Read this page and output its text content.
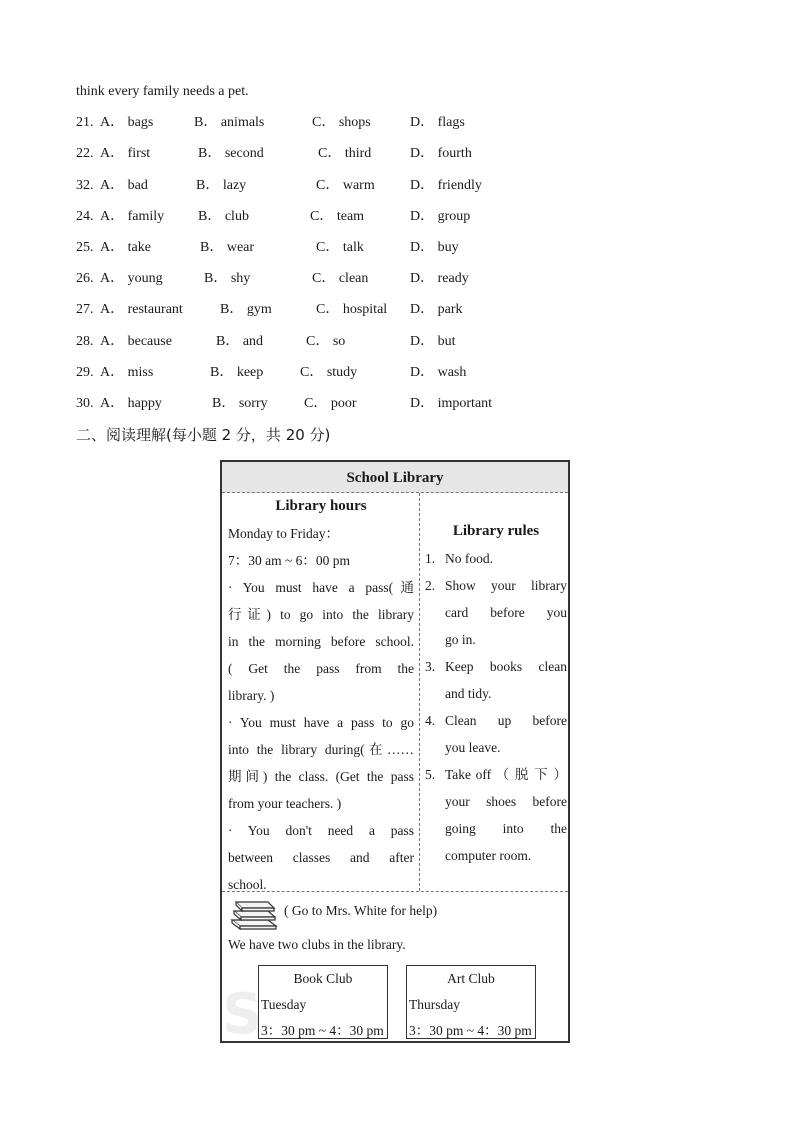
think every family needs a pet.
21. A． bags	B． animals	C． shops	D． flags
22. A． first	B． second	C． third	D． fourth
32. A． bad	B． lazy	C． warm	D． friendly
24. A． family B． club	C． team	D． group
25. A． take	B． wear	C． talk	D． buy
26. A． young	B． shy	C． clean	D． ready
27. A． restaurant	B． gym	C． hospital D． park
28. A． because	B． and	C． so	D． but
29. A． miss	B． keep	C． study	D． wash
30. A． happy	B． sorry	C． poor	D． important
二、阅读理解(每小题 2 分，共 20 分)
School Library
Library hours
Monday to Friday：
7：30 am ~ 6：00 pm
· You must have a pass(通
行证) to go into the library
in the morning before school.
( Get the pass from the
library. )
· You must have a pass to go
into the library during(在……
期间) the class. (Get the pass
from your teachers. )
· You don't need a pass
between classes and after
school.
Library rules
1. No food.
2. Show your library
card before you
go in.
3. Keep books clean
and tidy.
4. Clean up before
you leave.
5. Take off （ 脱 下 ）
your shoes before
going into the
computer room.
( Go to Mrs. White for help)
We have two clubs in the library.
S
Book Club
Tuesday
3：30 pm ~ 4：30 pm
Art Club
Thursday
3：30 pm ~ 4：30 pm
